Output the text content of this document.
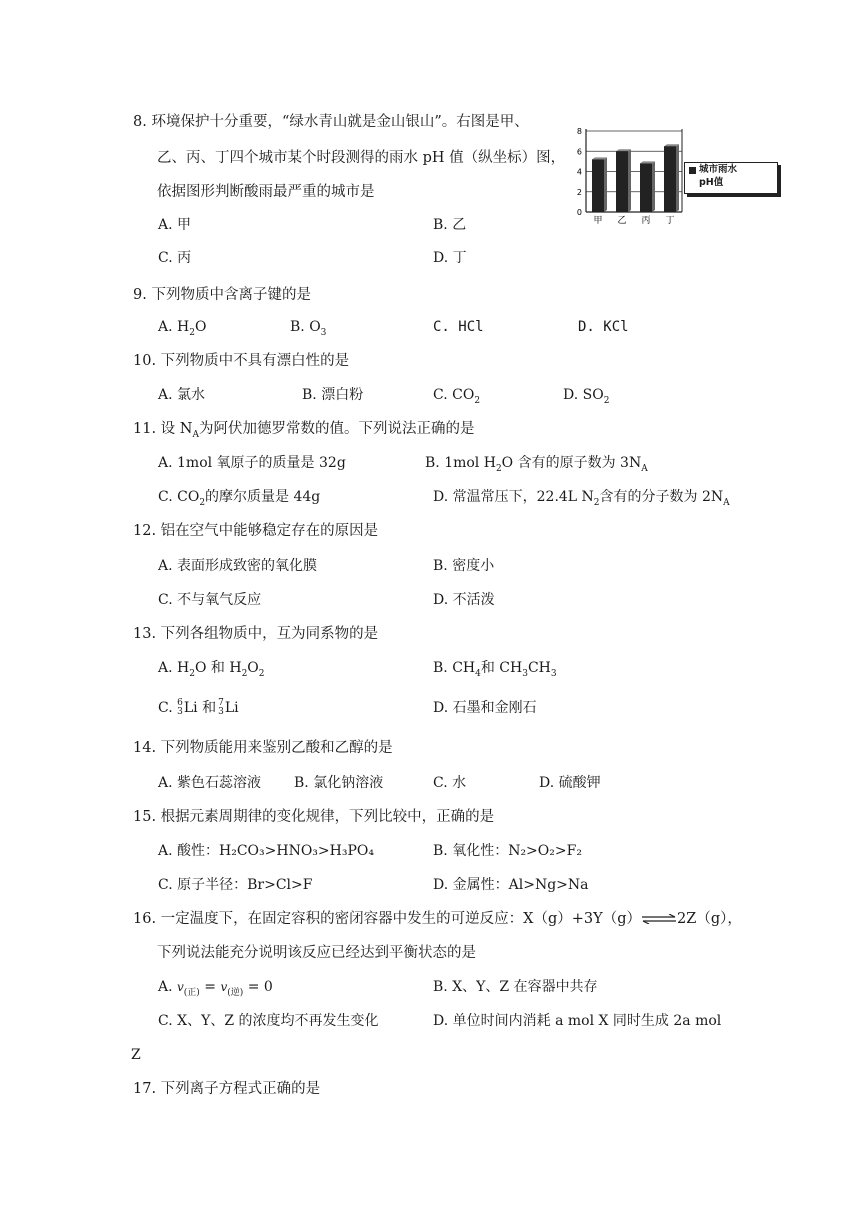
8. 环境保护十分重要，“绿水青山就是金山银山”。右图是甲、
乙、丙、丁四个城市某个时段测得的雨水 pH 值（纵坐标）图，
依据图形判断酸雨最严重的城市是
A. 甲	B. 乙
C. 丙	D. 丁
0
2
4
6
8
甲 乙 丙 丁
城市雨水
pH值
9. 下列物质中含离子键的是
A. $H_2O$	B. $O_3$	C. HCl	D. KCl
10. 下列物质中不具有漂白性的是
A. 氯水	B. 漂白粉	C. $CO_2$	D. $SO_2$
11. 设 $N_A$为阿伏加德罗常数的值。下列说法正确的是
A. 1mol 氧原子的质量是 32g	B. 1mol $H_2O$ 含有的原子数为 $3N_A$
C. $CO_2$的摩尔质量是 44g	D. 常温常压下，22.4L $N_2$含有的分子数为 $2N_A$
12. 铝在空气中能够稳定存在的原因是
A. 表面形成致密的氧化膜	B. 密度小
C. 不与氧气反应	D. 不活泼
13. 下列各组物质中，互为同系物的是
A. $H_2O$ 和 $H_2O_2$	B. $CH_4$和 $CH_3CH_3$
C. 6
3 Li 和 7
3 Li	D. 石墨和金刚石
14. 下列物质能用来鉴别乙酸和乙醇的是
A. 紫色石蕊溶液 B. 氯化钠溶液	C. 水	D. 硫酸钾
15. 根据元素周期律的变化规律，下列比较中，正确的是
A. 酸性：H₂CO₃>HNO₃>H₃PO₄	B. 氧化性：N₂>O₂>F₂
C. 原子半径：Br>Cl>F	D. 金属性：Al>Ng>Na
16. 一定温度下，在固定容积的密闭容器中发生的可逆反应：X（g）+3Y（g）⇌2Z（g），
下列说法能充分说明该反应已经达到平衡状态的是
A. $v_{(正)} = v_{(逆)} = 0$	B. X、Y、Z 在容器中共存
C. X、Y、Z 的浓度均不再发生变化	D. 单位时间内消耗 a mol X 同时生成 2a mol
Z
17. 下列离子方程式正确的是
